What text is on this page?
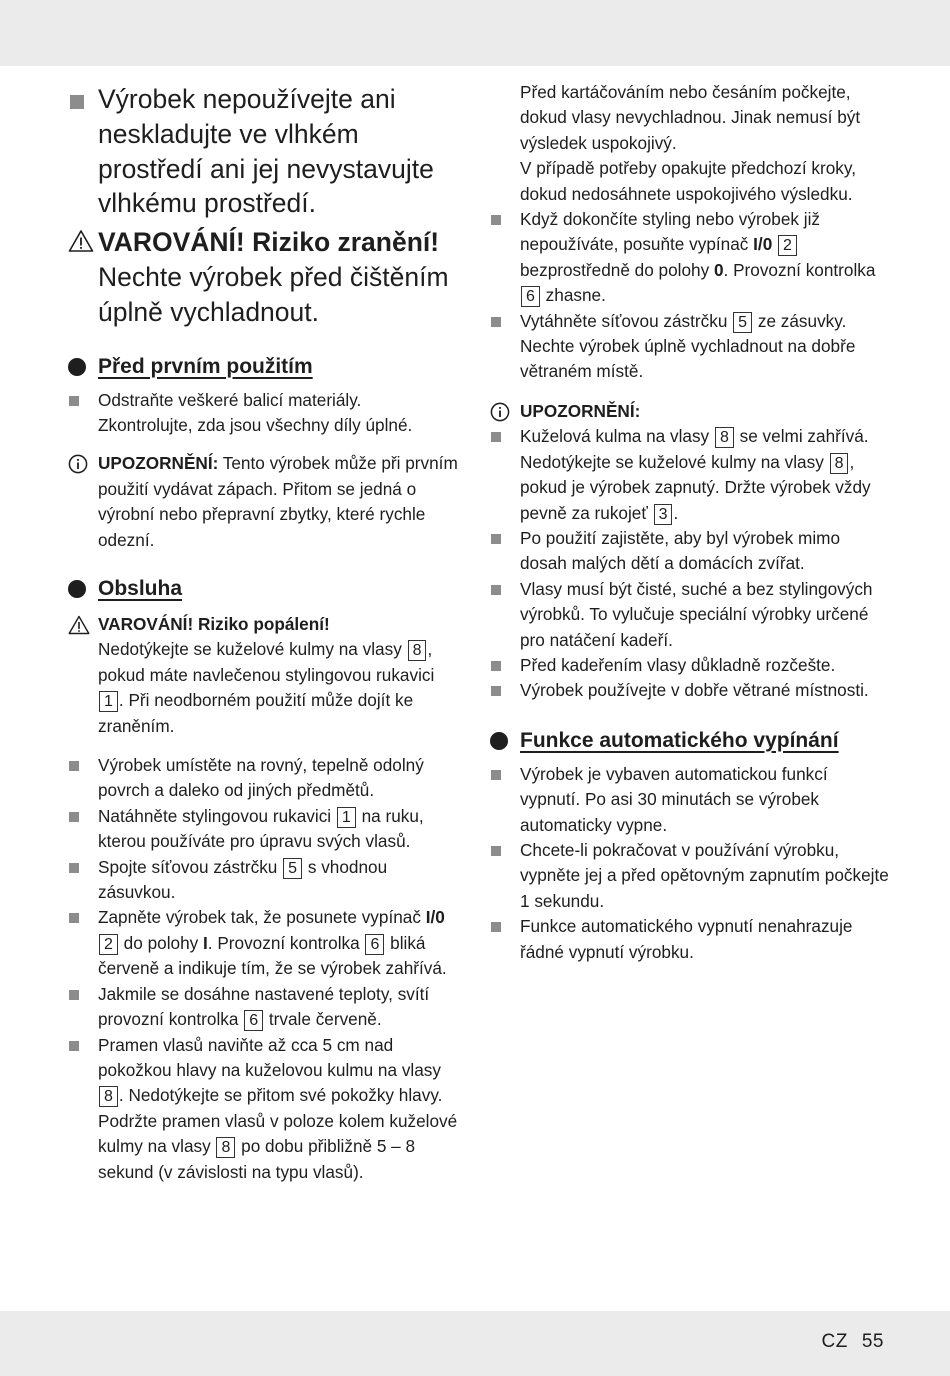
Výrobek nepoužívejte ani neskladujte ve vlhkém prostředí ani jej nevystavujte vlhkému prostředí.
VAROVÁNÍ! Riziko zranění! Nechte výrobek před čištěním úplně vychladnout.
Před prvním použitím
Odstraňte veškeré balicí materiály. Zkontrolujte, zda jsou všechny díly úplné.
UPOZORNĚNÍ: Tento výrobek může při prvním použití vydávat zápach. Přitom se jedná o výrobní nebo přepravní zbytky, které rychle odezní.
Obsluha
VAROVÁNÍ! Riziko popálení!
Nedotýkejte se kuželové kulmy na vlasy 8 , pokud máte navlečenou stylingovou rukavici 1 . Při neodborném použití může dojít ke zraněním.
Výrobek umístěte na rovný, tepelně odolný povrch a daleko od jiných předmětů.
Natáhněte stylingovou rukavici 1 na ruku, kterou používáte pro úpravu svých vlasů.
Spojte síťovou zástrčku 5 s vhodnou zásuvkou.
Zapněte výrobek tak, že posunete vypínač I/0 2 do polohy I. Provozní kontrolka 6 bliká červeně a indikuje tím, že se výrobek zahřívá.
Jakmile se dosáhne nastavené teploty, svítí provozní kontrolka 6 trvale červeně.
Pramen vlasů naviňte až cca 5 cm nad pokožkou hlavy na kuželovou kulmu na vlasy 8 . Nedotýkejte se přitom své pokožky hlavy.
Podržte pramen vlasů v poloze kolem kuželové kulmy na vlasy 8 po dobu přibližně 5 – 8 sekund (v závislosti na typu vlasů).
Před kartáčováním nebo česáním počkejte, dokud vlasy nevychladnou. Jinak nemusí být výsledek uspokojivý.
V případě potřeby opakujte předchozí kroky, dokud nedosáhnete uspokojivého výsledku.
Když dokončíte styling nebo výrobek již nepoužíváte, posuňte vypínač I/0 2 bezprostředně do polohy 0. Provozní kontrolka 6 zhasne.
Vytáhněte síťovou zástrčku 5 ze zásuvky. Nechte výrobek úplně vychladnout na dobře větraném místě.
UPOZORNĚNÍ:
Kuželová kulma na vlasy 8 se velmi zahřívá. Nedotýkejte se kuželové kulmy na vlasy 8 , pokud je výrobek zapnutý. Držte výrobek vždy pevně za rukojeť 3 .
Po použití zajistěte, aby byl výrobek mimo dosah malých dětí a domácích zvířat.
Vlasy musí být čisté, suché a bez stylingových výrobků. To vylučuje speciální výrobky určené pro natáčení kadeří.
Před kadeřením vlasy důkladně rozčešte.
Výrobek používejte v dobře větrané místnosti.
Funkce automatického vypínání
Výrobek je vybaven automatickou funkcí vypnutí. Po asi 30 minutách se výrobek automaticky vypne.
Chcete-li pokračovat v používání výrobku, vypněte jej a před opětovným zapnutím počkejte 1 sekundu.
Funkce automatického vypnutí nenahrazuje řádné vypnutí výrobku.
CZ 55
